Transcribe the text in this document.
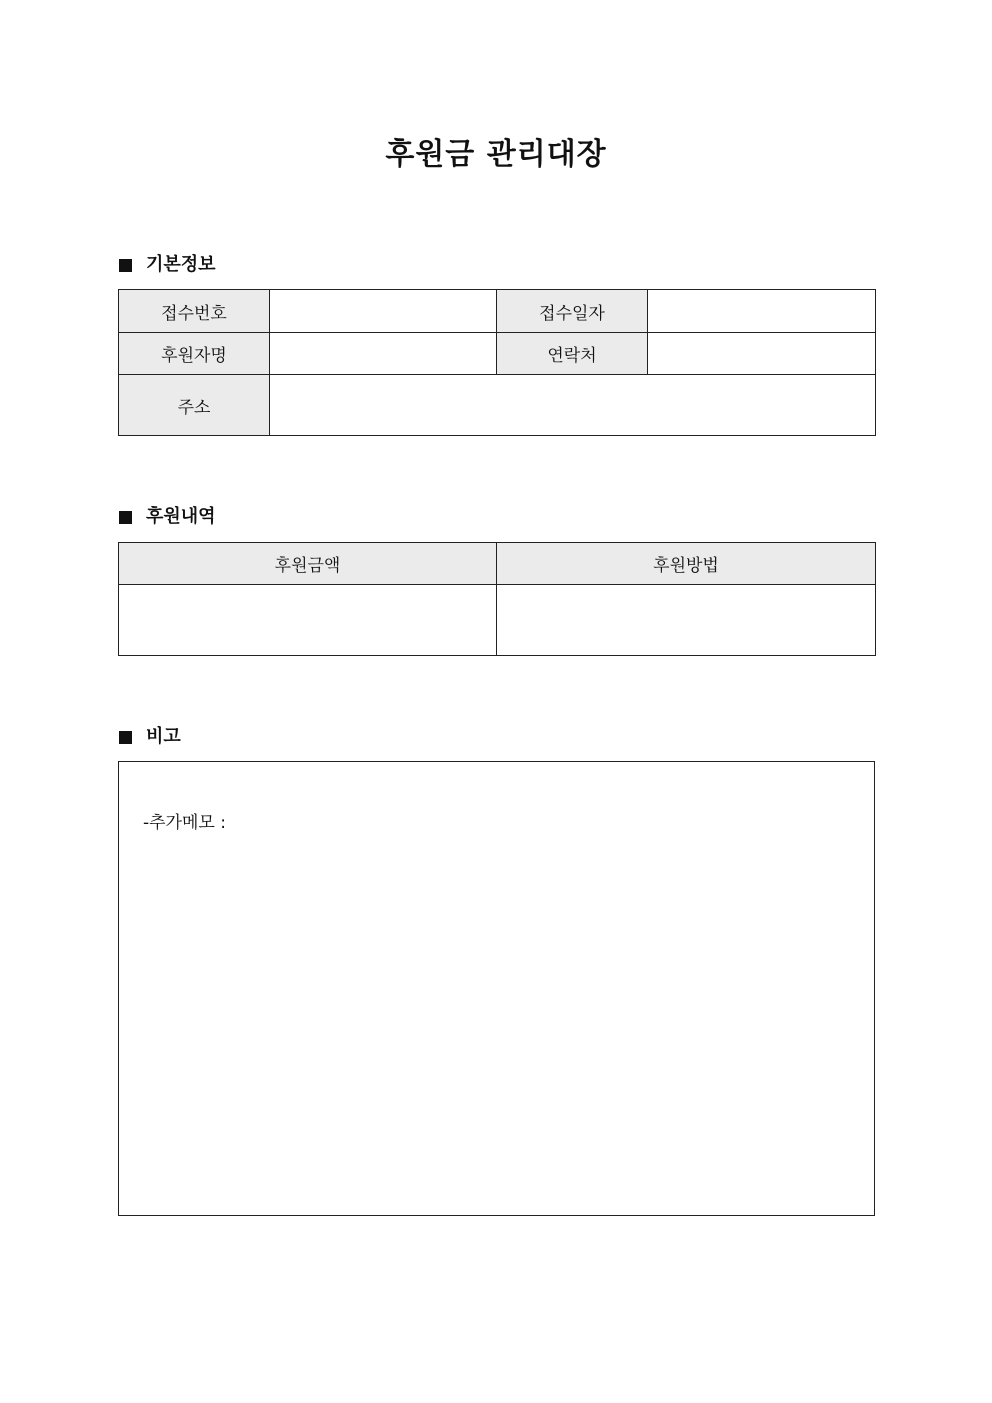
후원금 관리대장
기본정보
접수번호		접수일자	
후원자명		연락처	
주소			
후원내역
후원금액	후원방법

비고
-추가메모 :
